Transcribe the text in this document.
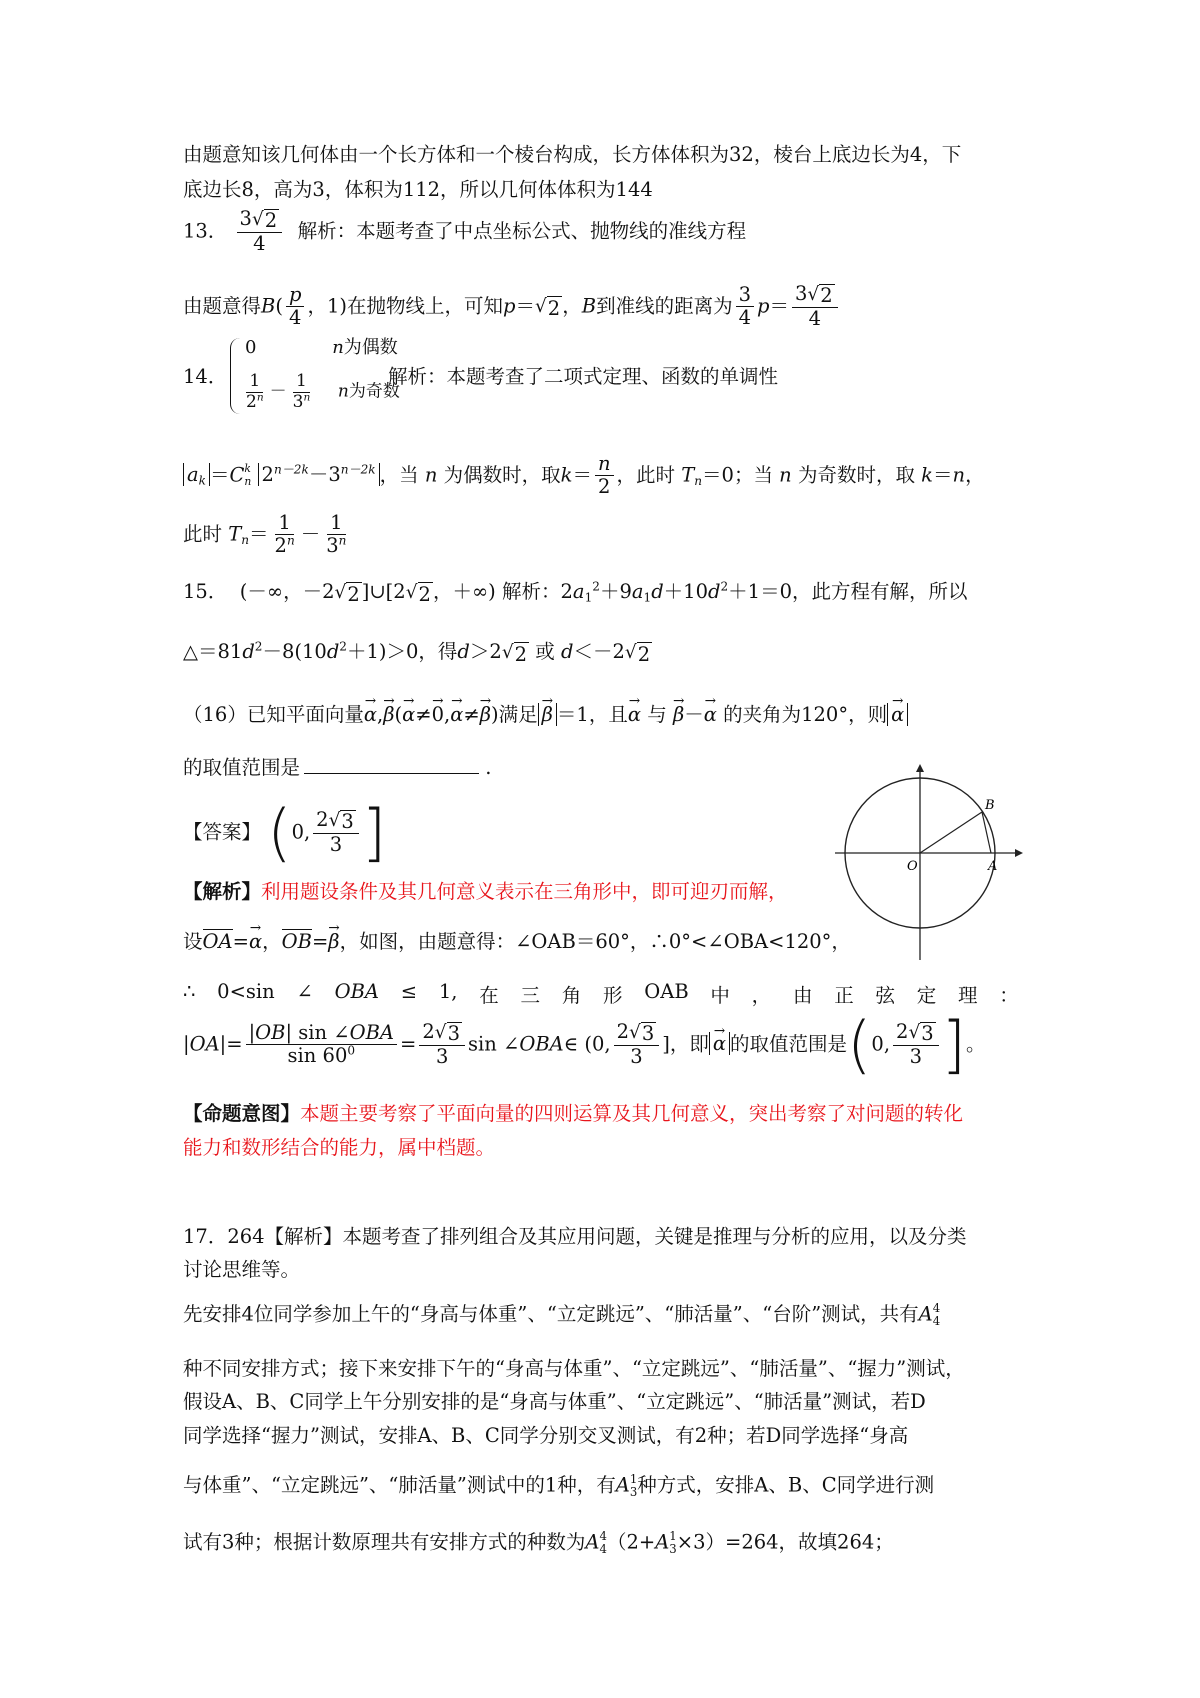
由题意知该几何体由一个长方体和一个棱台构成，长方体体积为32，棱台上底边长为4，下
底边长8，高为3，体积为112，所以几何体体积为144
13． $\frac{3 √ 2}{4}$ 解析：本题考查了中点坐标公式、抛物线的准线方程
由题意得$B( \frac{p}{4}$ ，1)在抛物线上，可知p＝ √ 2 ，B到准线的距离为 $\frac{3}{4} p= \frac{3 √ 2}{4}$
14．
0	n为偶数
$\frac{1}{2^n} - \frac{1}{3^n}$ n为奇数
解析：本题考查了二项式定理、函数的单调性
$a_k =C$ k
n $2^{n-2k}-3^{n-2k}$ ，当 n 为偶数时，取$k= \frac{n}{2}$ ，此时 $T_n=0$；当 n 为奇数时，取 k＝n，
此时 $T_n= \frac{1}{2^n} - \frac{1}{3^n}$
15． (－∞，－2 √ 2 ]∪[2 √ 2 ，＋∞) 解析：$2a_1^2+9a_1d+10d^2+1=0$，此方程有解，所以
$\triangle=81d^2-8(10d^2+1)>0$，得d＞2 √ 2 或 d＜－2 √ 2
（16）已知平面向量→ α,→ β(→ α≠→ 0,→ α≠→ β)满足 → β ＝1，且→ α 与 → β－→ α 的夹角为120°，则 → α
的取值范围是	.
【答案】 (0, $\frac{2 √ 3}{3}$ ]
【解析】利用题设条件及其几何意义表示在三角形中，即可迎刃而解，
设OA=→ α，OB=→ β，如图，由题意得：∠OAB＝60°，∴0°<∠OBA<120°，
∴ 0<sin ∠ OBA ≤ 1, 在 三 角 形 OAB 中 ， 由 正 弦 定 理 ：
$|OA|= \frac{\text{|OB| sin ∠OBA}}{\sin 60^0} = \frac{2 √ 3}{3}$ sin ∠OBA∈ (0, $\frac{2 √ 3}{3}$ ]，即 → α 的取值范围是(0, $\frac{2 √ 3}{3}$ ]。
【命题意图】本题主要考察了平面向量的四则运算及其几何意义，突出考察了对问题的转化
能力和数形结合的能力，属中档题。
O	A
B
17．264【解析】本题考查了排列组合及其应用问题，关键是推理与分析的应用，以及分类
讨论思维等。
先安排4位同学参加上午的“身高与体重”、“立定跳远”、“肺活量”、“台阶”测试，共有A 4
4
种不同安排方式；接下来安排下午的“身高与体重”、“立定跳远”、“肺活量”、“握力”测试，
假设A、B、C同学上午分别安排的是“身高与体重”、“立定跳远”、“肺活量”测试，若D
同学选择“握力”测试，安排A、B、C同学分别交叉测试，有2种；若D同学选择“身高
与体重”、“立定跳远”、“肺活量”测试中的1种，有A 1
3 种方式，安排A、B、C同学进行测
试有3种；根据计数原理共有安排方式的种数为A 4
4 （2+A 1
3 ×3）=264，故填264；
